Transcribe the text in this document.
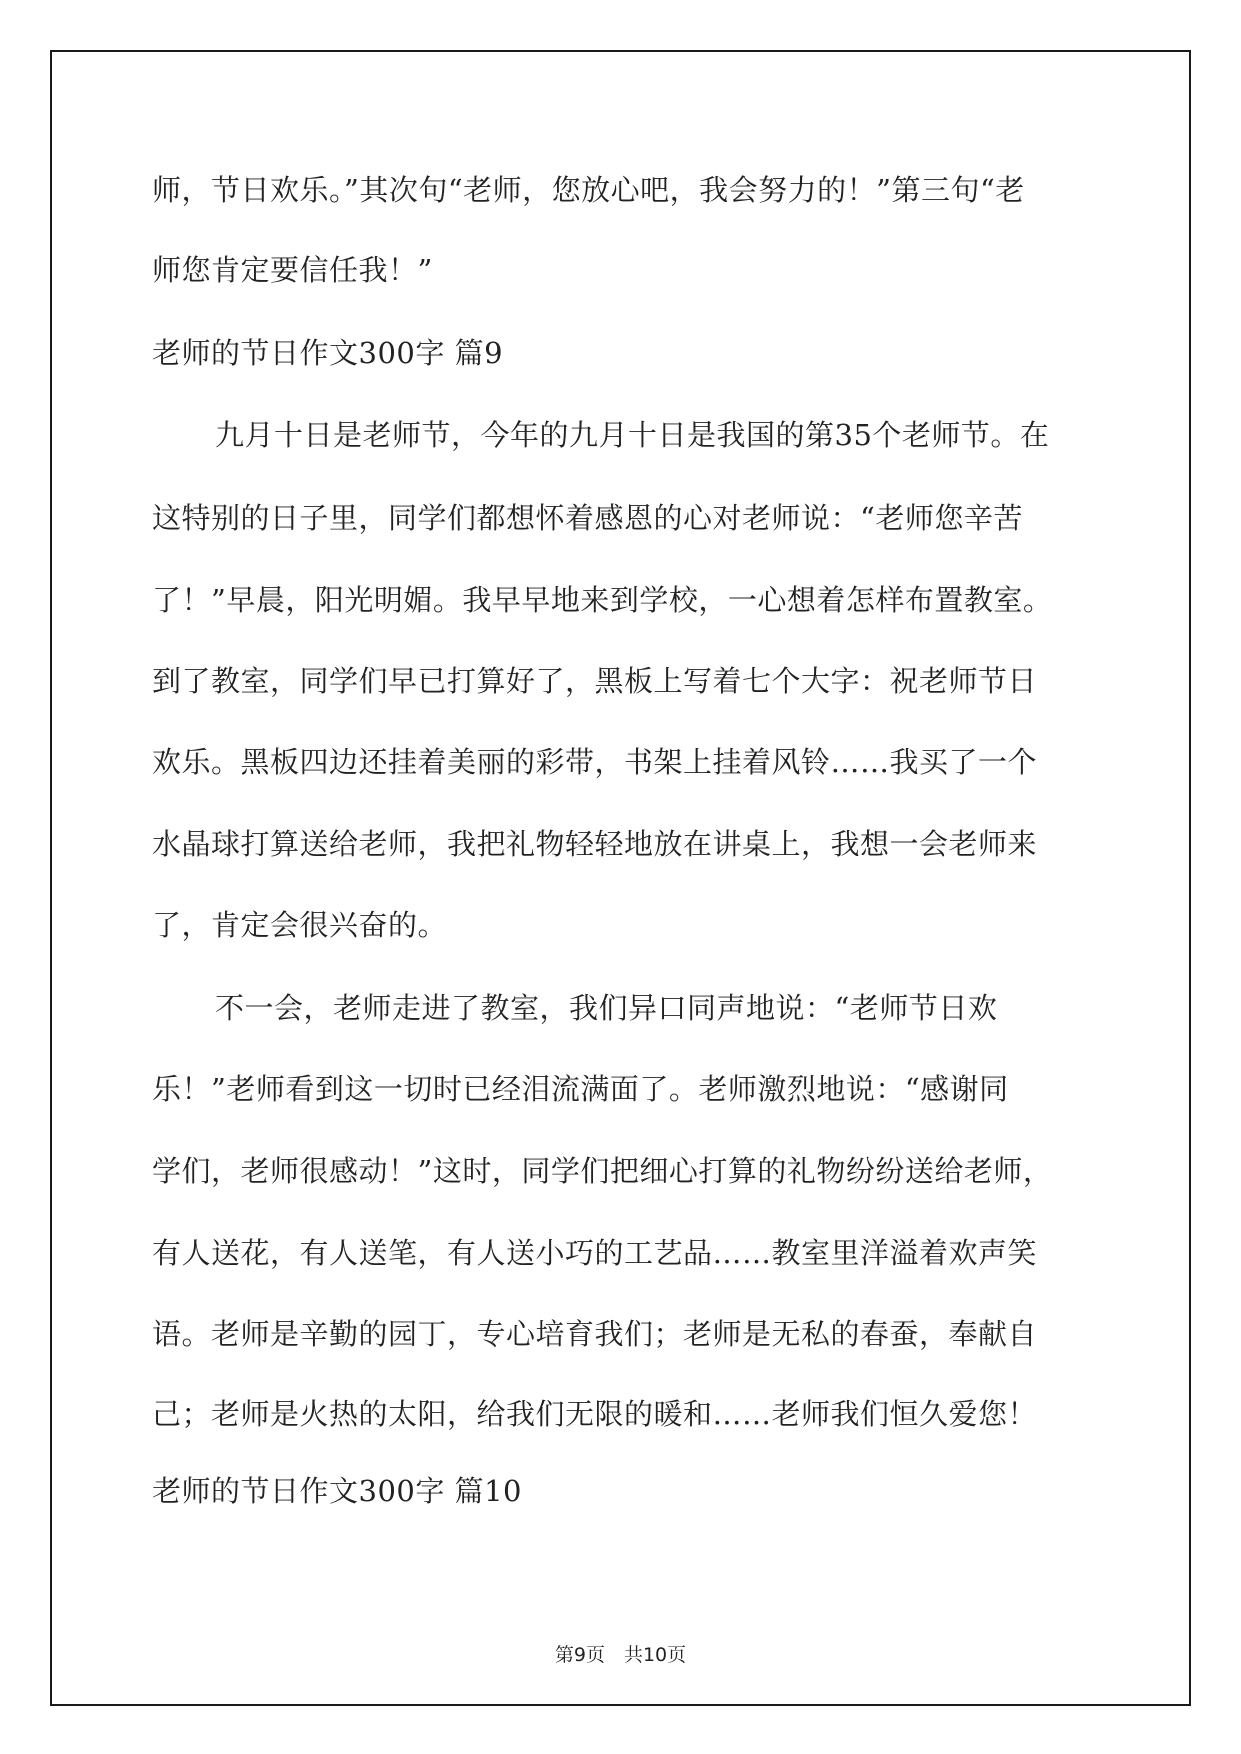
师，节日欢乐。”其次句“老师，您放心吧，我会努力的！”第三句“老
师您肯定要信任我！”
老师的节日作文300字 篇9
九月十日是老师节，今年的九月十日是我国的第35个老师节。在
这特别的日子里，同学们都想怀着感恩的心对老师说：“老师您辛苦
了！”早晨，阳光明媚。我早早地来到学校，一心想着怎样布置教室。
到了教室，同学们早已打算好了，黑板上写着七个大字：祝老师节日
欢乐。黑板四边还挂着美丽的彩带，书架上挂着风铃……我买了一个
水晶球打算送给老师，我把礼物轻轻地放在讲桌上，我想一会老师来
了，肯定会很兴奋的。
不一会，老师走进了教室，我们异口同声地说：“老师节日欢
乐！”老师看到这一切时已经泪流满面了。老师激烈地说：“感谢同
学们，老师很感动！”这时，同学们把细心打算的礼物纷纷送给老师，
有人送花，有人送笔，有人送小巧的工艺品……教室里洋溢着欢声笑
语。老师是辛勤的园丁，专心培育我们；老师是无私的春蚕，奉献自
己；老师是火热的太阳，给我们无限的暖和……老师我们恒久爱您！
老师的节日作文300字 篇10
第9页　共10页
